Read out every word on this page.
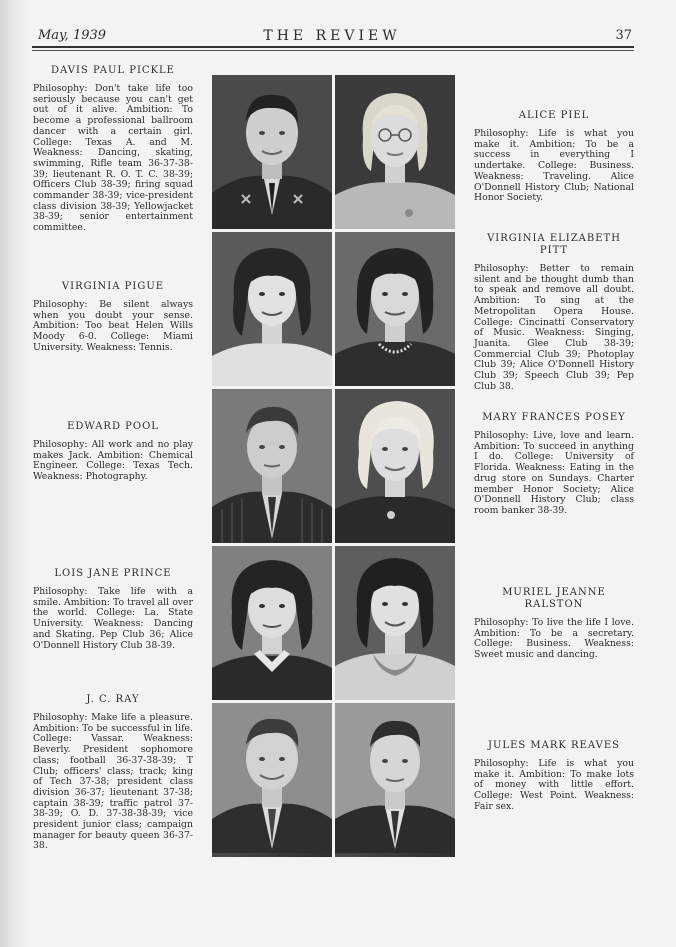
May, 1939	THE REVIEW	37
DAVIS PAUL PICKLE
Philosophy: Don't take life too seriously because you can't get out of it alive. Ambition: To become a professional ballroom dancer with a certain girl. College: Texas A. and M. Weakness: Dancing, skating, swimming, Rifle team 36-37-38-39; lieutenant R. O. T. C. 38-39; Officers Club 38-39; firing squad commander 38-39; vice-president class division 38-39; Yellowjacket 38-39; senior entertainment committee.
ALICE PIEL
Philosophy: Life is what you make it. Ambition: To be a success in everything I undertake. College: Business. Weakness: Traveling. Alice O'Donnell History Club; National Honor Society.
VIRGINIA PIGUE
Philosophy: Be silent always when you doubt your sense. Ambition: Too beat Helen Wills Moody 6-0. College: Miami University. Weakness: Tennis.
VIRGINIA ELIZABETH PITT
Philosophy: Better to remain silent and be thought dumb than to speak and remove all doubt. Ambition: To sing at the Metropolitan Opera House. College: Cincinatti Conservatory of Music. Weakness: Singing, Juanita. Glee Club 38-39; Commercial Club 39; Photoplay Club 39; Alice O'Donnell History Club 39; Speech Club 39; Pep Club 38.
EDWARD POOL
Philosophy: All work and no play makes Jack. Ambition: Chemical Engineer. College: Texas Tech. Weakness: Photography.
MARY FRANCES POSEY
Philosophy: Live, love and learn. Ambition: To succeed in anything I do. College: University of Florida. Weakness: Eating in the drug store on Sundays. Charter member Honor Society; Alice O'Donnell History Club; class room banker 38-39.
LOIS JANE PRINCE
Philosophy: Take life with a smile. Ambition: To travel all over the world. College: La. State University. Weakness: Dancing and Skating. Pep Club 36; Alice O'Donnell History Club 38-39.
MURIEL JEANNE RALSTON
Philosophy: To live the life I love. Ambition: To be a secretary. College: Business. Weakness: Sweet music and dancing.
J. C. RAY
Philosophy: Make life a pleasure. Ambition: To be successful in life. College: Vassar. Weakness: Beverly. President sophomore class; football 36-37-38-39; T Club; officers' class; track; king of Tech 37-38; president class division 36-37; lieutenant 37-38; captain 38-39; traffic patrol 37-38-39; O. D. 37-38-38-39; vice president junior class; campaign manager for beauty queen 36-37-38.
JULES MARK REAVES
Philosophy: Life is what you make it. Ambition: To make lots of money with little effort. College: West Point. Weakness: Fair sex.
